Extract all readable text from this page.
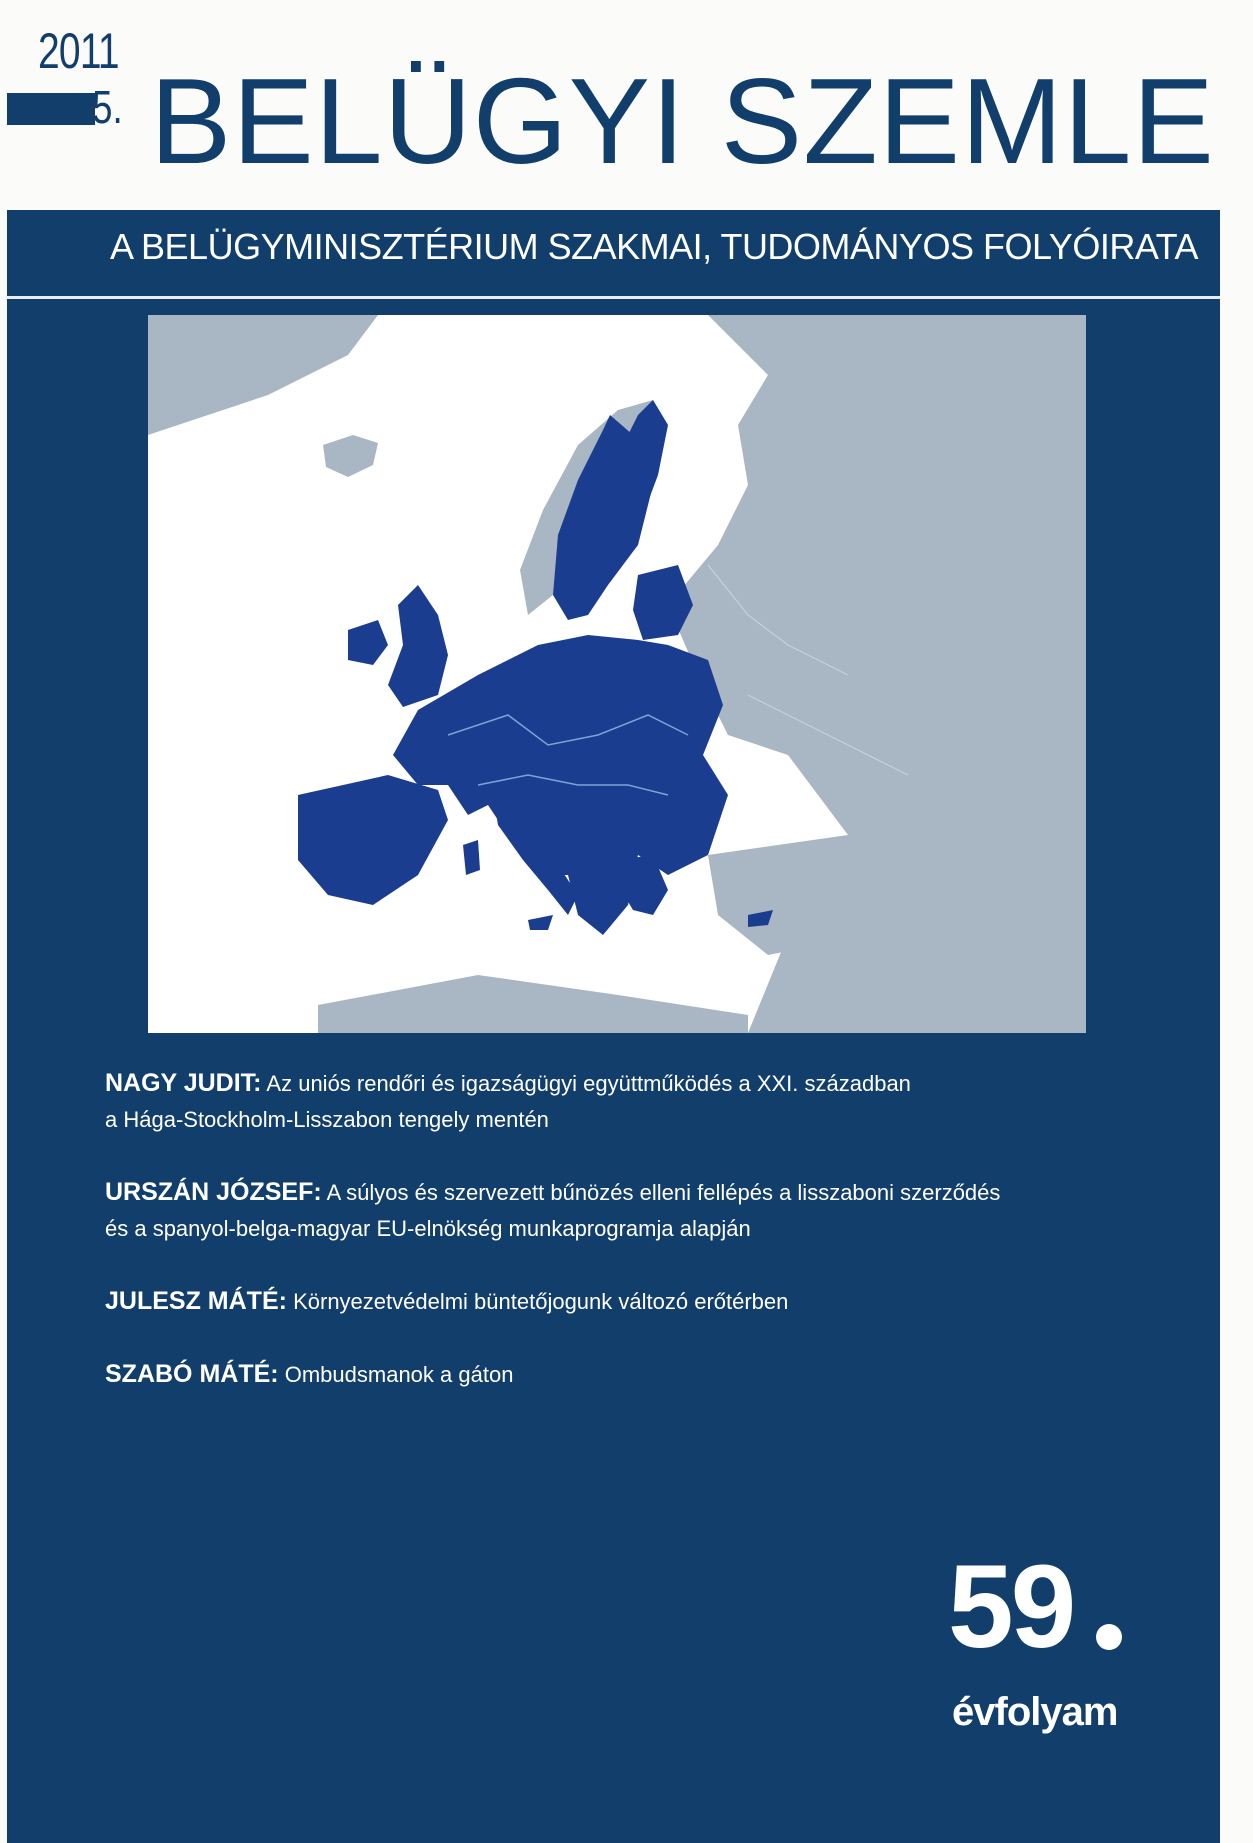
2011
5. BELÜGYI SZEMLE
A BELÜGYMINISZTÉRIUM SZAKMAI, TUDOMÁNYOS FOLYÓIRATA
NAGY JUDIT: Az uniós rendőri és igazságügyi együttműködés a XXI. században
a Hága-Stockholm-Lisszabon tengely mentén
URSZÁN JÓZSEF: A súlyos és szervezett bűnözés elleni fellépés a lisszaboni szerződés
és a spanyol-belga-magyar EU-elnökség munkaprogramja alapján
JULESZ MÁTÉ: Környezetvédelmi büntetőjogunk változó erőtérben
SZABÓ MÁTÉ: Ombudsmanok a gáton
59
évfolyam
